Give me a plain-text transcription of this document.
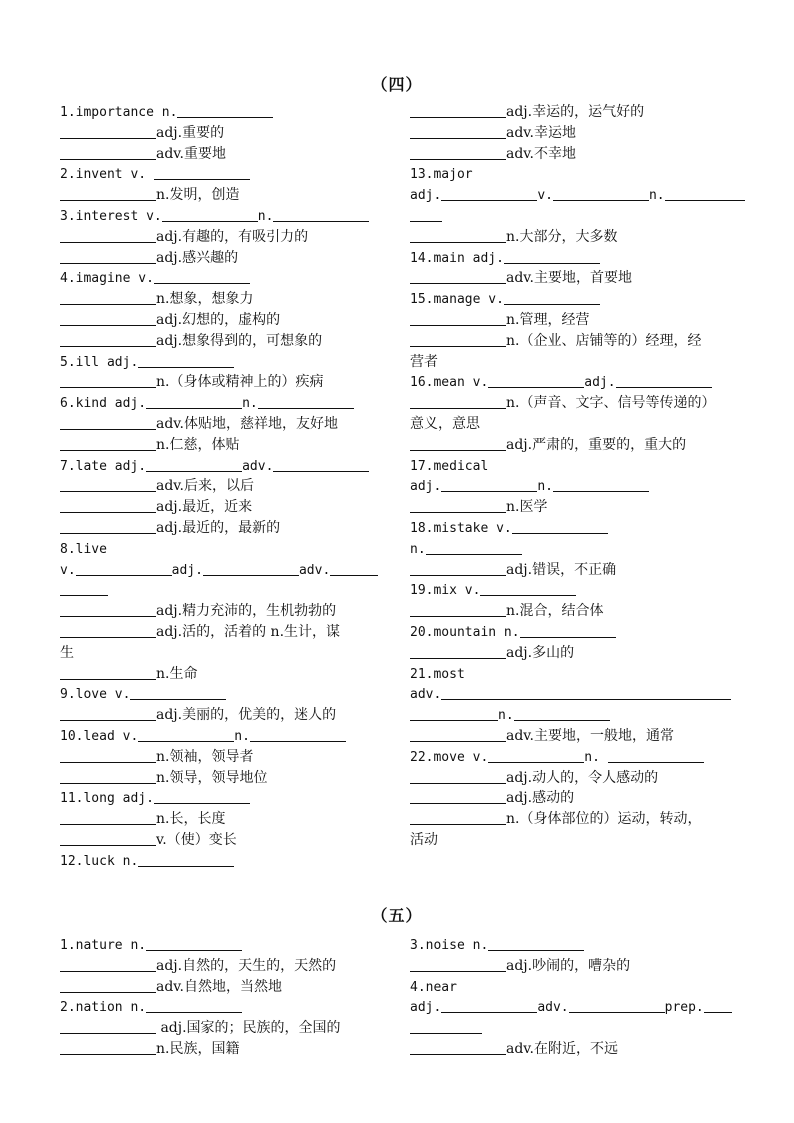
（四）
1.importance n.
adj.重要的
adv.重要地
2.invent v.
n.发明，创造
3.interest v.	n.
adj.有趣的，有吸引力的
adj.感兴趣的
4.imagine v.
n.想象，想象力
adj.幻想的，虚构的
adj.想象得到的，可想象的
5.ill adj.
n.（身体或精神上的）疾病
6.kind adj.	n.
adv.体贴地，慈祥地，友好地
n.仁慈，体贴
7.late adj.	adv.
adv.后来，以后
adj.最近，近来
adj.最近的，最新的
8.live
v.	adj.	adv.
adj.精力充沛的，生机勃勃的
adj.活的，活着的 n.生计，谋
生
n.生命
9.love v.
adj.美丽的，优美的，迷人的
10.lead v.	n.
n.领袖，领导者
n.领导，领导地位
11.long adj.
n.长，长度
v.（使）变长
12.luck n.
adj.幸运的，运气好的
adv.幸运地
adv.不幸地
13.major
adj.	v.	n.
n.大部分，大多数
14.main adj.
adv.主要地，首要地
15.manage v.
n.管理，经营
n.（企业、店铺等的）经理，经
营者
16.mean v.	adj.
n.（声音、文字、信号等传递的）
意义，意思
adj.严肃的，重要的，重大的
17.medical
adj.	n.
n.医学
18.mistake v.
n.
adj.错误，不正确
19.mix v.
n.混合，结合体
20.mountain n.
adj.多山的
21.most
adv.
n.
adv.主要地，一般地，通常
22.move v.	n.
adj.动人的，令人感动的
adj.感动的
n.（身体部位的）运动，转动，
活动
（五）
1.nature n.
adj.自然的，天生的，天然的
adv.自然地，当然地
2.nation n.
adj.国家的；民族的，全国的
n.民族，国籍
3.noise n.
adj.吵闹的，嘈杂的
4.near
adj.	adv.	prep.
adv.在附近，不远
